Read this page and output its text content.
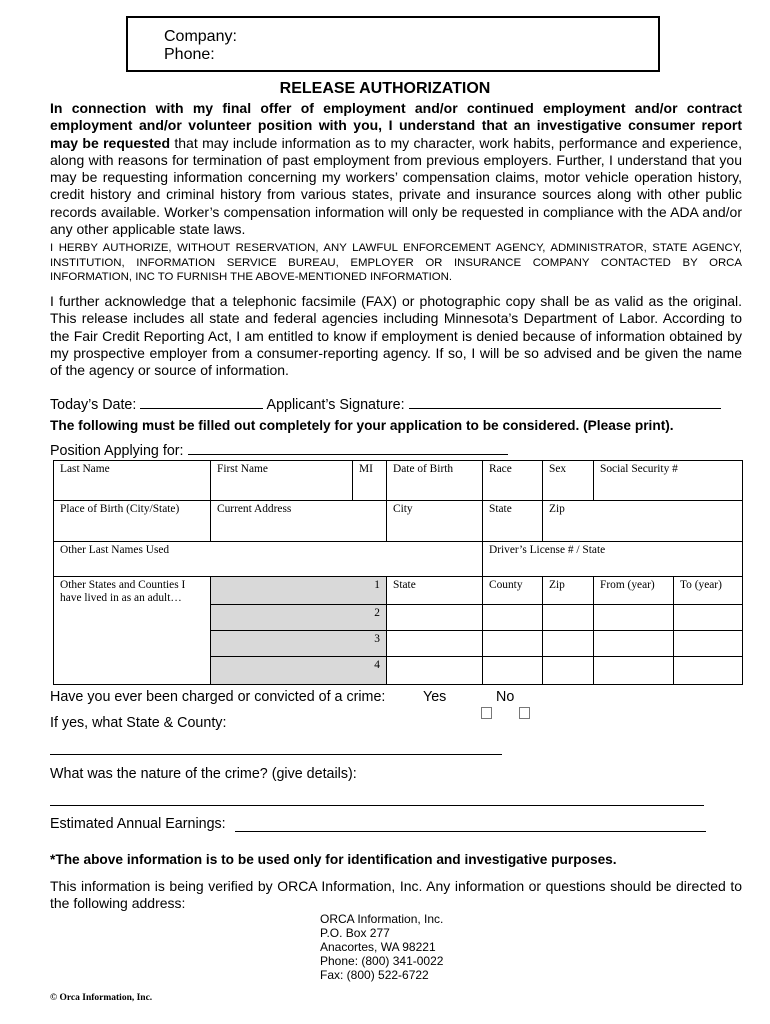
Company:
Phone:
RELEASE AUTHORIZATION
In connection with my final offer of employment and/or continued employment and/or contract employment and/or volunteer position with you, I understand that an investigative consumer report may be requested that may include information as to my character, work habits, performance and experience, along with reasons for termination of past employment from previous employers. Further, I understand that you may be requesting information concerning my workers’ compensation claims, motor vehicle operation history, credit history and criminal history from various states, private and insurance sources along with other public records available. Worker’s compensation information will only be requested in compliance with the ADA and/or any other applicable state laws.
I HERBY AUTHORIZE, WITHOUT RESERVATION, ANY LAWFUL ENFORCEMENT AGENCY, ADMINISTRATOR, STATE AGENCY, INSTITUTION, INFORMATION SERVICE BUREAU, EMPLOYER OR INSURANCE COMPANY CONTACTED BY ORCA INFORMATION, INC TO FURNISH THE ABOVE-MENTIONED INFORMATION.
I further acknowledge that a telephonic facsimile (FAX) or photographic copy shall be as valid as the original. This release includes all state and federal agencies including Minnesota’s Department of Labor. According to the Fair Credit Reporting Act, I am entitled to know if employment is denied because of information obtained by my prospective employer from a consumer-reporting agency. If so, I will be so advised and be given the name of the agency or source of information.
Today’s Date:	Applicant’s Signature:
The following must be filled out completely for your application to be considered. (Please print).
Position Applying for:
Last Name	First Name	MI	Date of Birth	Race	Sex	Social Security #	
Place of Birth (City/State)	Current Address		City	State	Zip		
Other Last Names Used				Driver’s License # / State			
Other States and Counties I have lived in as an adult…	1		State	County	Zip	From (year)	To (year)
	2						
	3						
	4						
Have you ever been charged or convicted of a crime:	Yes	No
If yes, what State & County:
What was the nature of the crime? (give details):
Estimated Annual Earnings:
*The above information is to be used only for identification and investigative purposes.
This information is being verified by ORCA Information, Inc. Any information or questions should be directed to the following address:
ORCA Information, Inc.
P.O. Box 277
Anacortes, WA 98221
Phone: (800) 341-0022
Fax: (800) 522-6722
© Orca Information, Inc.
